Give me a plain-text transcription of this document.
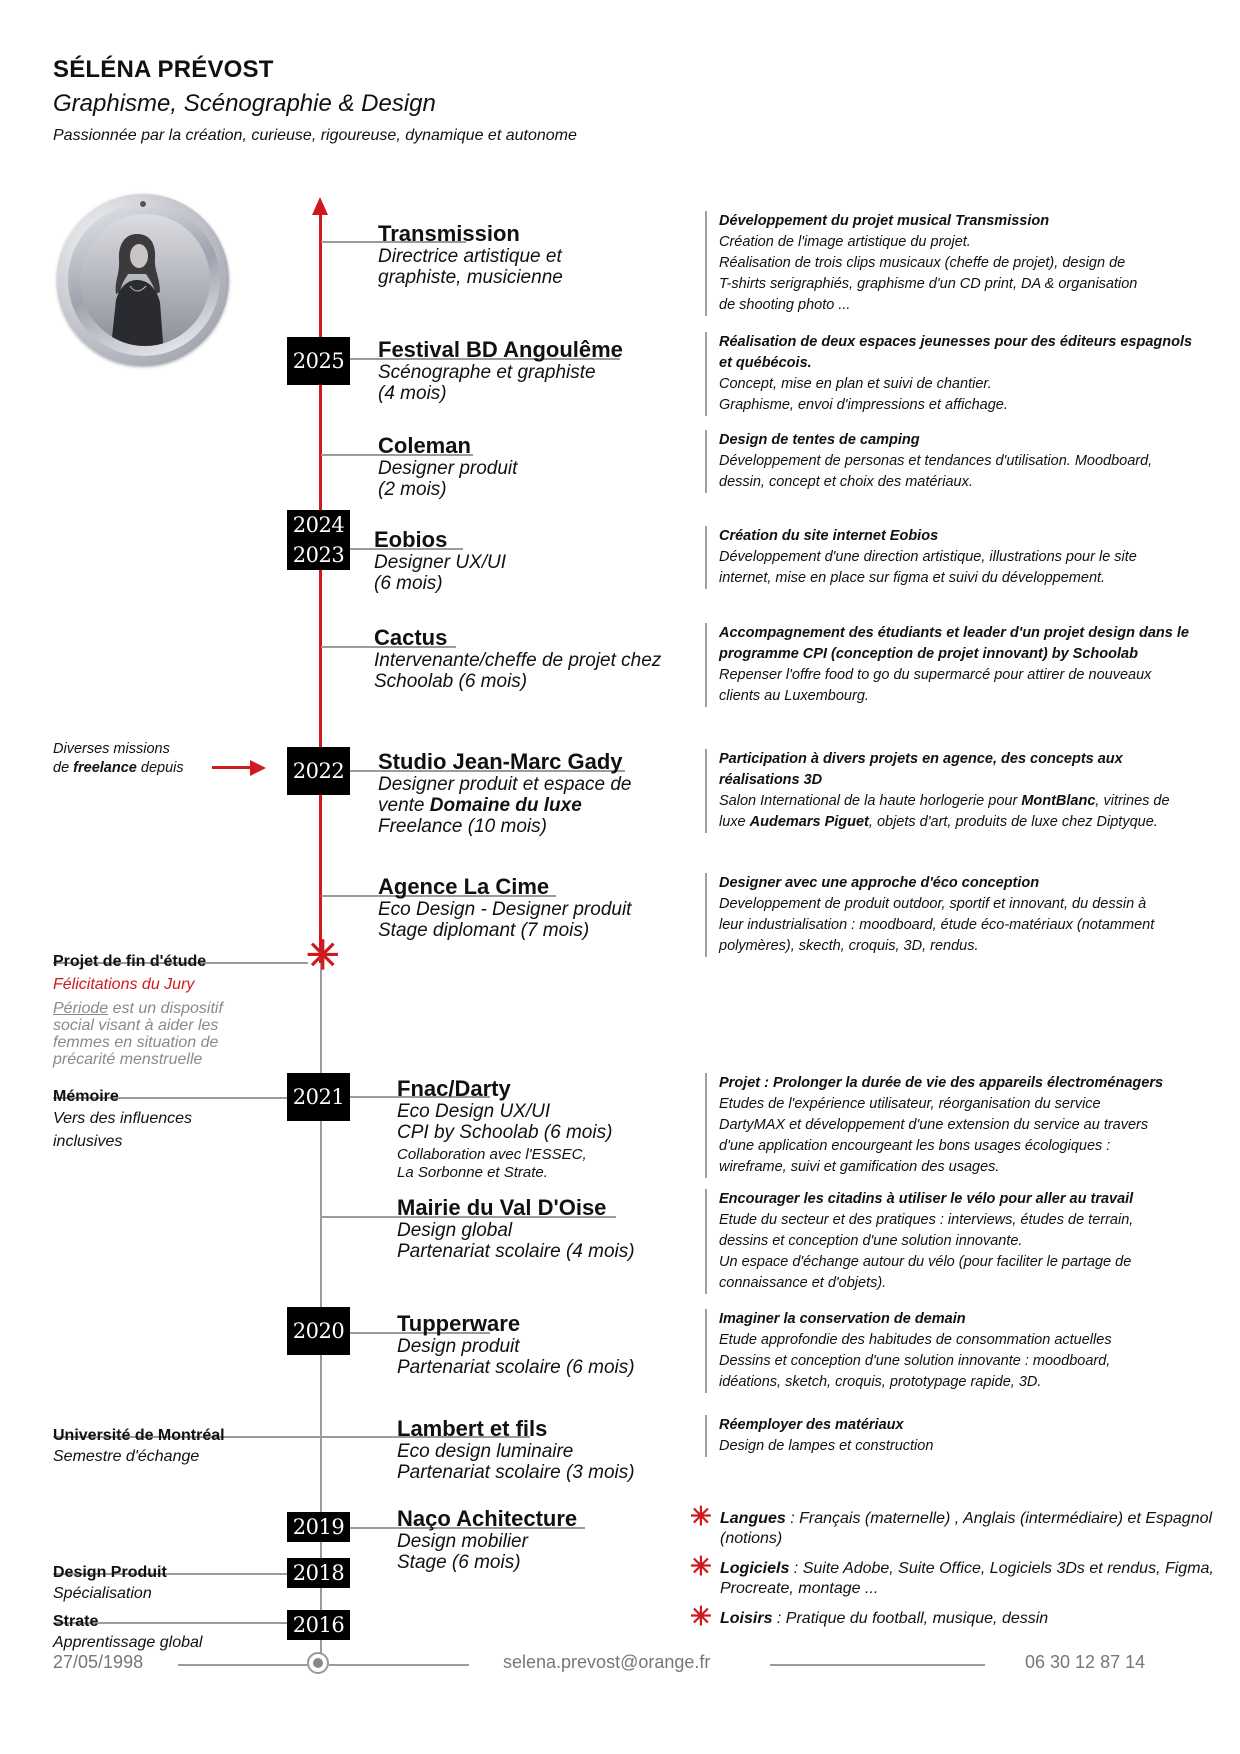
SÉLÉNA PRÉVOST
Graphisme, Scénographie & Design
Passionnée par la création, curieuse, rigoureuse, dynamique et autonome
2025
2024
2023
2022
2021
2020
2019
2018
2016
Transmission
Directrice artistique et
graphiste, musicienne
Festival BD Angoulême
Scénographe et graphiste
(4 mois)
Coleman
Designer produit
(2 mois)
Eobios
Designer UX/UI
(6 mois)
Cactus
Intervenante/cheffe de projet chez
Schoolab (6 mois)
Studio Jean-Marc Gady
Designer produit et espace de
vente Domaine du luxe
Freelance (10 mois)
Agence La Cime
Eco Design - Designer produit
Stage diplomant (7 mois)
Fnac/Darty
Eco Design UX/UI
CPI by Schoolab (6 mois)
Collaboration avec l'ESSEC,
La Sorbonne et Strate.
Mairie du Val D'Oise
Design global
Partenariat scolaire (4 mois)
Tupperware
Design produit
Partenariat scolaire (6 mois)
Lambert et fils
Eco design luminaire
Partenariat scolaire (3 mois)
Naço Achitecture
Design mobilier
Stage (6 mois)
Développement du projet musical Transmission
Création de l'image artistique du projet.
Réalisation de trois clips musicaux (cheffe de projet), design de
T-shirts serigraphiés, graphisme d'un CD print, DA & organisation
de shooting photo ...
Réalisation de deux espaces jeunesses pour des éditeurs espagnols et québécois.
Concept, mise en plan et suivi de chantier.
Graphisme, envoi d'impressions et affichage.
Design de tentes de camping
Développement de personas et tendances d'utilisation. Moodboard,
dessin, concept et choix des matériaux.
Création du site internet Eobios
Développement d'une direction artistique, illustrations pour le site
internet, mise en place sur figma et suivi du développement.
Accompagnement des étudiants et leader d'un projet design dans le programme CPI (conception de projet innovant) by Schoolab
Repenser l'offre food to go du supermarcé pour attirer de nouveaux
clients au Luxembourg.
Participation à divers projets en agence, des concepts aux réalisations 3D
Salon International de la haute horlogerie pour MontBlanc, vitrines de luxe Audemars Piguet, objets d'art, produits de luxe chez Diptyque.
Designer avec une approche d'éco conception
Developpement de produit outdoor, sportif et innovant, du dessin à
leur industrialisation : moodboard, étude éco-matériaux (notamment
polymères), skecth, croquis, 3D, rendus.
Projet : Prolonger la durée de vie des appareils électroménagers
Etudes de l'expérience utilisateur, réorganisation du service
DartyMAX et développement d'une extension du service au travers
d'une application encourgeant les bons usages écologiques :
wireframe, suivi et gamification des usages.
Encourager les citadins à utiliser le vélo pour aller au travail
Etude du secteur et des pratiques : interviews, études de terrain,
dessins et conception d'une solution innovante.
Un espace d'échange autour du vélo (pour faciliter le partage de
connaissance et d'objets).
Imaginer la conservation de demain
Etude approfondie des habitudes de consommation actuelles
Dessins et conception d'une solution innovante : moodboard,
idéations, sketch, croquis, prototypage rapide, 3D.
Réemployer des matériaux
Design de lampes et construction
Diverses missions
de freelance depuis
✳
Projet de fin d'étude
Félicitations du Jury
Période est un dispositif social visant à aider les femmes en situation de précarité menstruelle
Mémoire
Vers des influences
inclusives
Université de Montréal
Semestre d'échange
Design Produit
Spécialisation
Strate
Apprentissage global
✳ Langues : Français (maternelle) , Anglais (intermédiaire) et Espagnol (notions)
✳ Logiciels : Suite Adobe, Suite Office, Logiciels 3Ds et rendus, Figma, Procreate, montage ...
✳ Loisirs : Pratique du football, musique, dessin
27/05/1998	selena.prevost@orange.fr	06 30 12 87 14
